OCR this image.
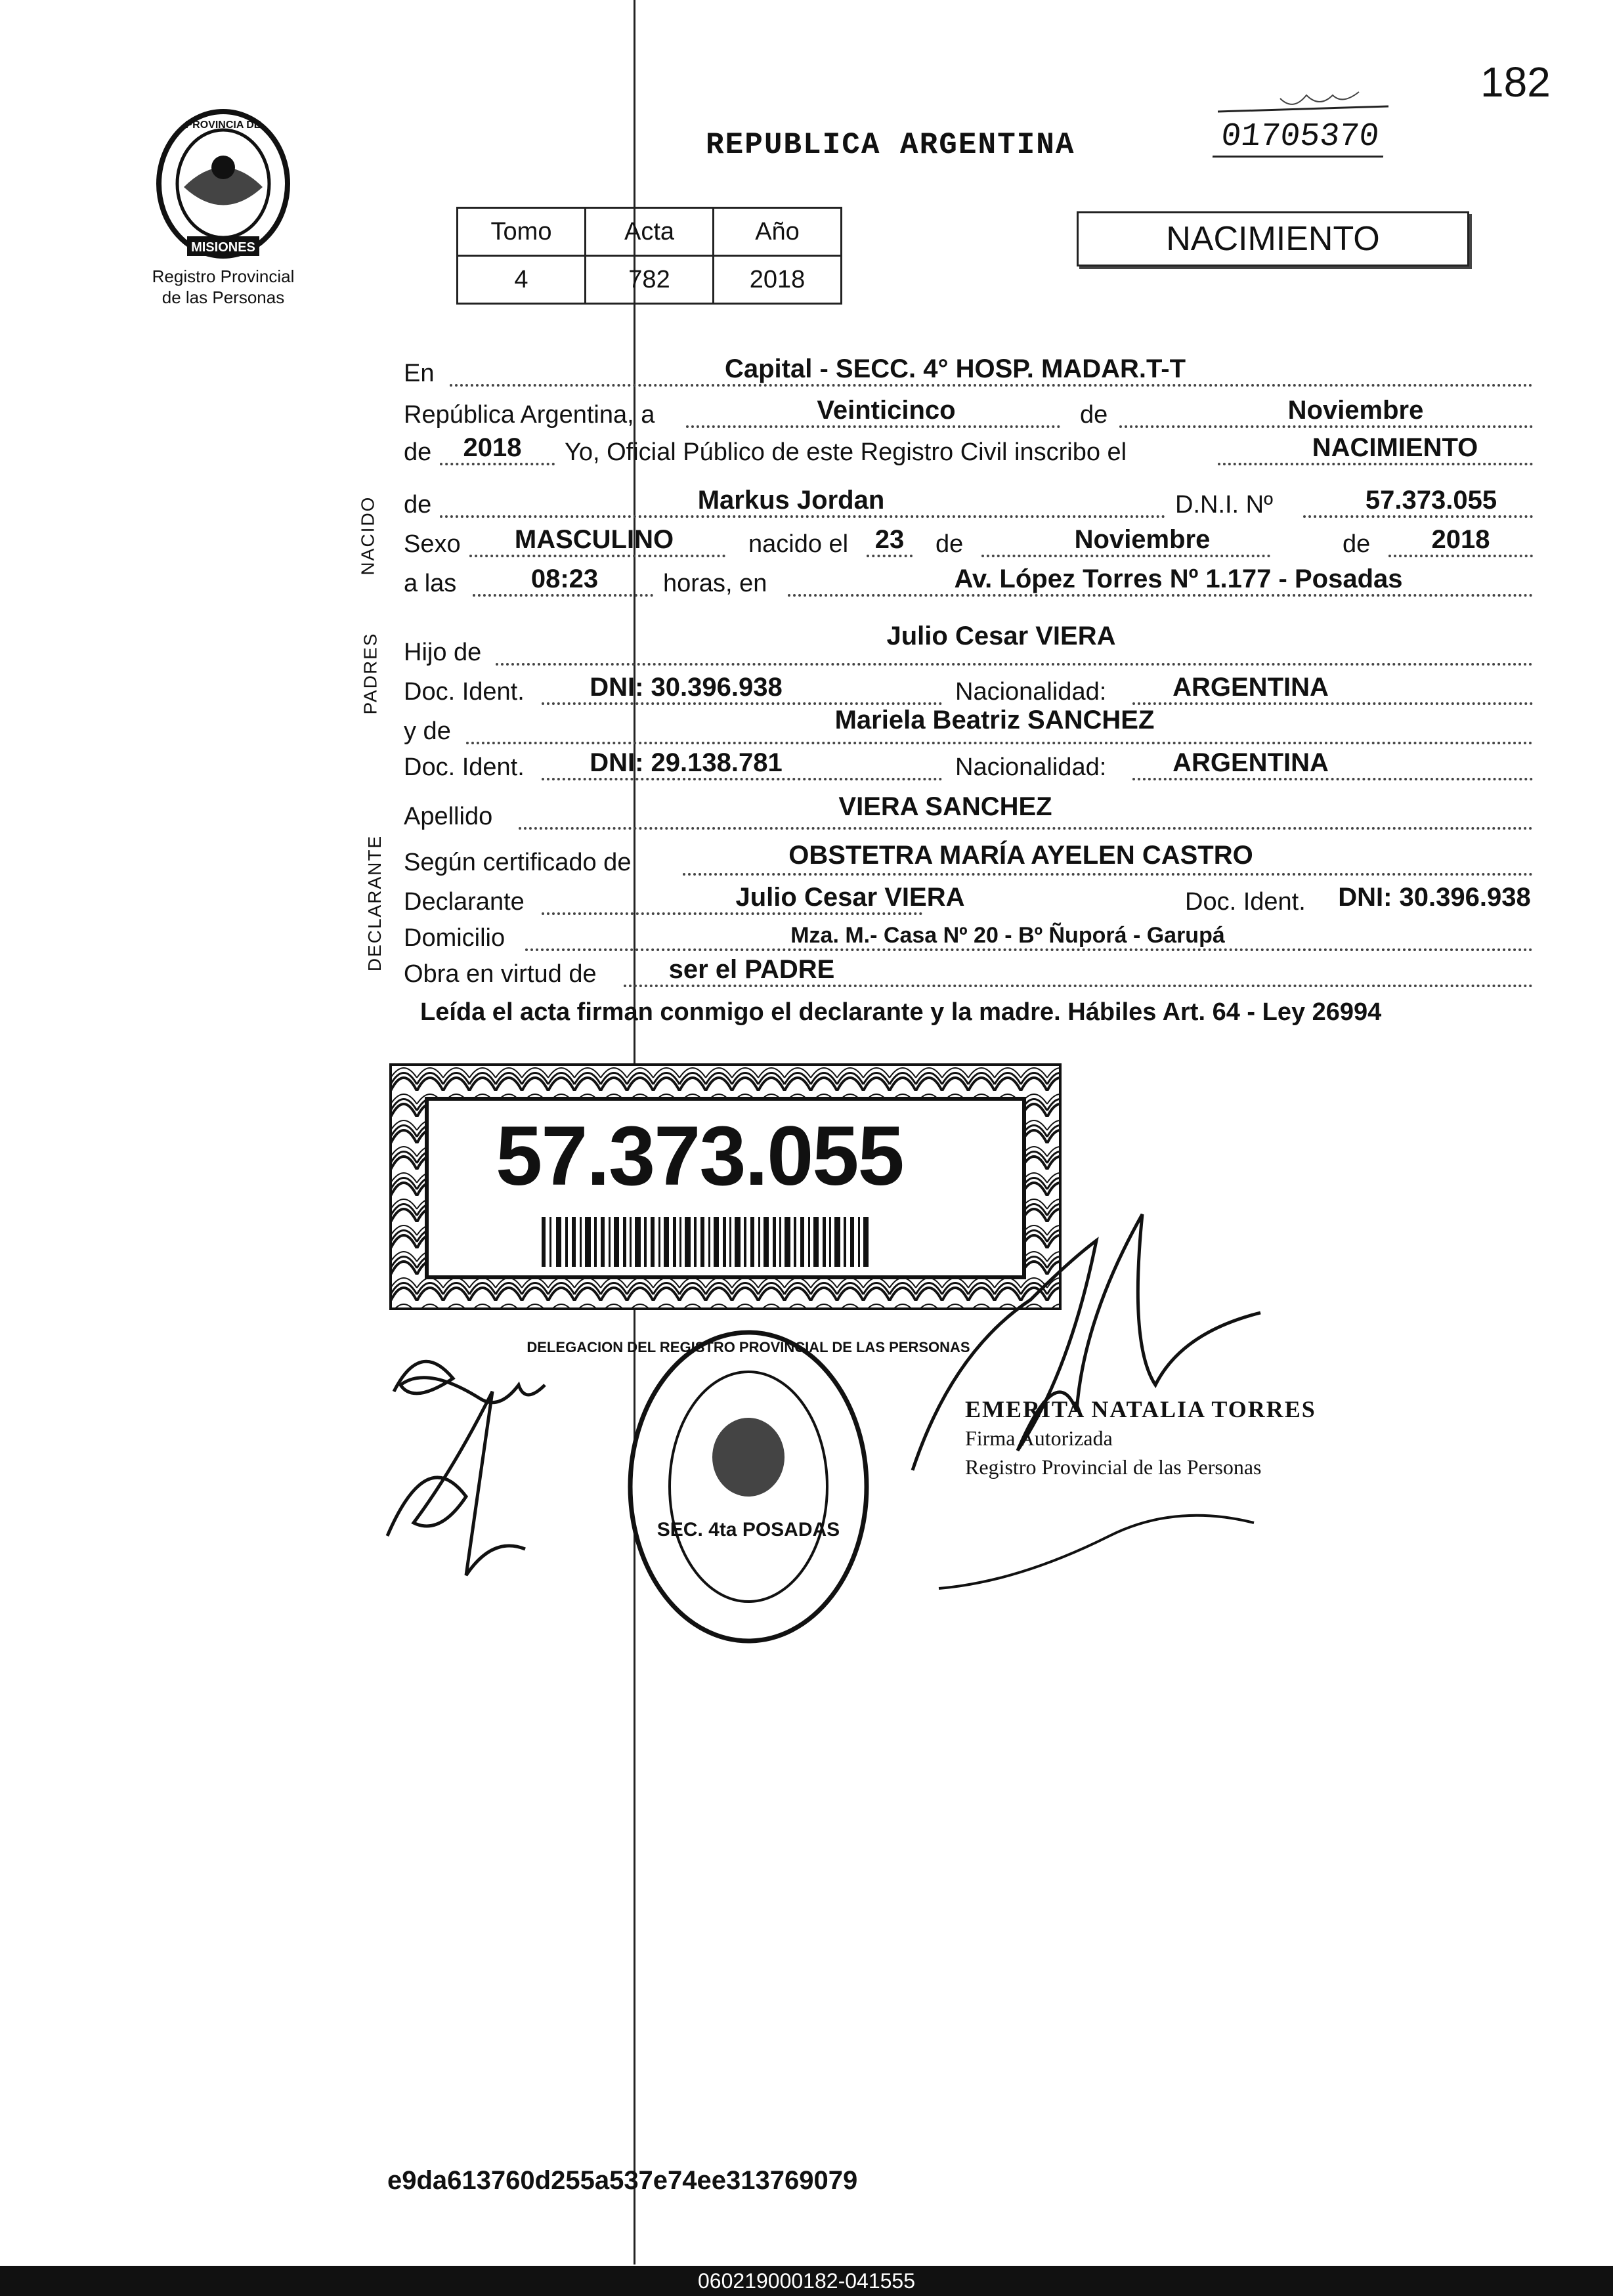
182
MISIONES
PROVINCIA DE
Registro Provincial
de las Personas
REPUBLICA ARGENTINA	01705370
Tomo	Acta	Año
4	782	2018
NACIMIENTO
NACIDO
PADRES
DECLARANTE
En	Capital - SECC. 4° HOSP. MADAR.T-T
República Argentina, a	Veinticinco	de	Noviembre
de	2018	Yo, Oficial Público de este Registro Civil inscribo el	NACIMIENTO
de	Markus Jordan	D.N.I. Nº	57.373.055
Sexo	MASCULINO	nacido el	23	de	Noviembre	de	2018
a las	08:23	horas, en	Av. López Torres Nº 1.177 - Posadas
Hijo de
Julio Cesar VIERA
Doc. Ident.	DNI: 30.396.938	Nacionalidad:	ARGENTINA
y de	Mariela Beatriz SANCHEZ
Doc. Ident.	DNI: 29.138.781	Nacionalidad:	ARGENTINA
Apellido	VIERA SANCHEZ
Según certificado de	OBSTETRA MARÍA AYELEN CASTRO
Declarante	Julio Cesar VIERA	Doc. Ident.	DNI: 30.396.938
Domicilio	Mza. M.- Casa Nº 20 - Bº Ñuporá - Garupá
Obra en virtud de	ser el PADRE
Leída el acta firman conmigo el declarante y la madre. Hábiles Art. 64 - Ley 26994
57.373.055
SEC. 4ta POSADAS
DELEGACION DEL REGISTRO PROVINCIAL DE LAS PERSONAS
EMERITA NATALIA TORRES
Firma Autorizada
Registro Provincial de las Personas
e9da613760d255a537e74ee313769079
060219000182-041555
